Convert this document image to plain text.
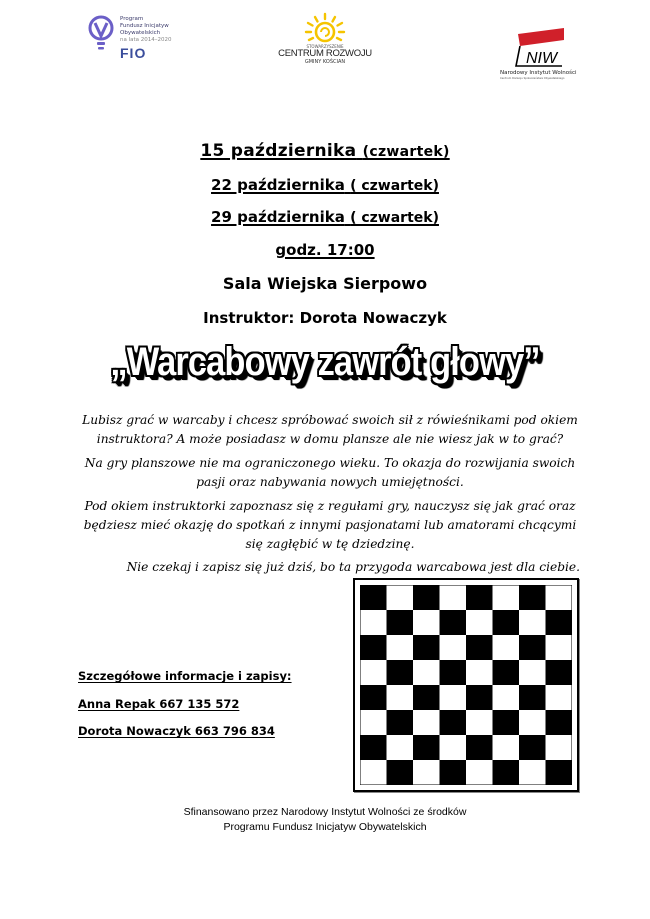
Program
Fundusz Inicjatyw
Obywatelskich
na lata 2014–2020
FIO	STOWARZYSZENIE
CENTRUM ROZWOJU
GMINY KOŚCIAN	NIW
Narodowy Instytut Wolności
Centrum Rozwoju Społeczeństwa Obywatelskiego
15 października (czwartek)
22 października ( czwartek)
29 października ( czwartek)
godz. 17:00
Sala Wiejska Sierpowo
Instruktor: Dorota Nowaczyk
„Warcabowy zawrót głowy”
Lubisz grać w warcaby i chcesz spróbować swoich sił z rówieśnikami pod okiem instruktora? A może posiadasz w domu plansze ale nie wiesz jak w to grać?
Na gry planszowe nie ma ograniczonego wieku. To okazja do rozwijania swoich pasji oraz nabywania nowych umiejętności.
Pod okiem instruktorki zapoznasz się z regułami gry, nauczysz się jak grać oraz będziesz mieć okazję do spotkań z innymi pasjonatami lub amatorami chcącymi się zagłębić w tę dziedzinę.
Nie czekaj i zapisz się już dziś, bo ta przygoda warcabowa jest dla ciebie.
Szczegółowe informacje i zapisy:
Anna Repak 667 135 572
Dorota Nowaczyk 663 796 834
Sfinansowano przez Narodowy Instytut Wolności ze środków
Programu Fundusz Inicjatyw Obywatelskich
